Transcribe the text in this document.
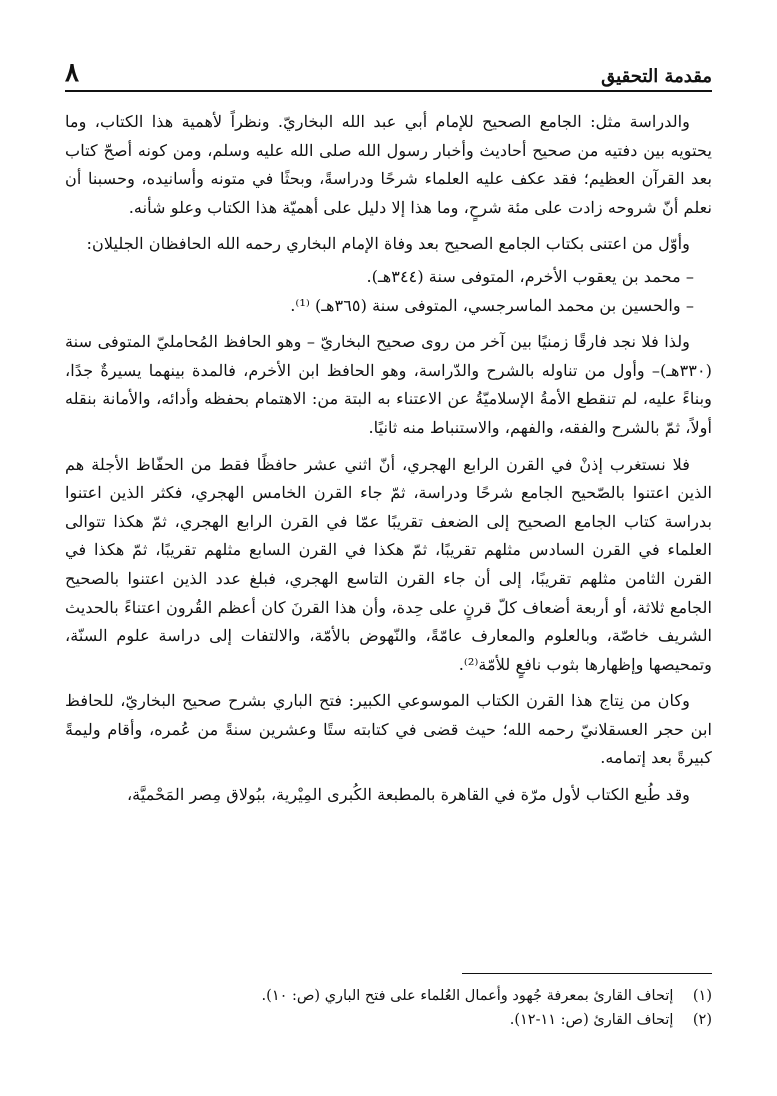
مقدمة التحقيق
٨

والدراسة مثل: الجامع الصحيح للإمام أبي عبد الله البخاريّ. ونظراً لأهمية هذا الكتاب، وما يحتويه بين دفتيه من صحيح أحاديث وأخبار رسول الله صلى الله عليه وسلم، ومن كونه أصحّ كتاب بعد القرآن العظيم؛ فقد عكف عليه العلماء شرحًا ودراسةً، وبحثًا في متونه وأسانيده، وحسبنا أن نعلم أنّ شروحه زادت على مئة شرحٍ، وما هذا إلا دليل على أهميّة هذا الكتاب وعلو شأنه.

وأوّل من اعتنى بكتاب الجامع الصحيح بعد وفاة الإمام البخاري رحمه الله الحافظان الجليلان:

– محمد بن يعقوب الأخرم، المتوفى سنة (٣٤٤هـ).

– والحسين بن محمد الماسرجسي، المتوفى سنة (٣٦٥هـ) ⁽¹⁾.

ولذا فلا نجد فارقًا زمنيًا بين آخر من روى صحيح البخاريّ – وهو الحافظ المُحامليّ المتوفى سنة (٣٣٠هـ)– وأول من تناوله بالشرح والدّراسة، وهو الحافظ ابن الأخرم، فالمدة بينهما يسيرةٌ جدًا، وبناءً عليه، لم تنقطع الأمةُ الإسلاميّةُ عن الاعتناء به البتة من: الاهتمام بحفظه وأدائه، والأمانة بنقله أولاً، ثمّ بالشرح والفقه، والفهم، والاستنباط منه ثانيًا.

فلا نستغرب إذنْ في القرن الرابع الهجري، أنّ اثني عشر حافظًا فقط من الحفّاظ الأجلة هم الذين اعتنوا بالصّحيح الجامع شرحًا ودراسة، ثمّ جاء القرن الخامس الهجري، فكثر الذين اعتنوا بدراسة كتاب الجامع الصحيح إلى الضعف تقريبًا عمّا في القرن الرابع الهجري، ثمّ هكذا تتوالى العلماء في القرن السادس مثلهم تقريبًا، ثمّ هكذا في القرن السابع مثلهم تقريبًا، ثمّ هكذا في القرن الثامن مثلهم تقريبًا، إلى أن جاء القرن التاسع الهجري، فبلغ عدد الذين اعتنوا بالصحيح الجامع ثلاثة، أو أربعة أضعاف كلّ قرنٍ على حِدة، وأن هذا القرنَ كان أعظم القُرون اعتناءً بالحديث الشريف خاصّة، وبالعلوم والمعارف عامّةً، والنّهوض بالأمّة، والالتفات إلى دراسة علوم السنّة، وتمحيصها وإظهارها بثوب نافعٍ للأمّة⁽²⁾.

وكان من نِتاج هذا القرن الكتاب الموسوعي الكبير: فتح الباري بشرح صحيح البخاريّ، للحافظ ابن حجر العسقلانيّ رحمه الله؛ حيث قضى في كتابته ستًا وعشرين سنةً من عُمره، وأقام وليمةً كبيرةً بعد إتمامه.

وقد طُبع الكتاب لأول مرّة في القاهرة بالمطبعة الكُبرى المِيْرية، ببُولاق مِصر المَحْميَّة،

(١) إتحاف القارئ بمعرفة جُهود وأعمال العُلماء على فتح الباري (ص: ١٠).

(٢) إتحاف القارئ (ص: ١١-١٢).
